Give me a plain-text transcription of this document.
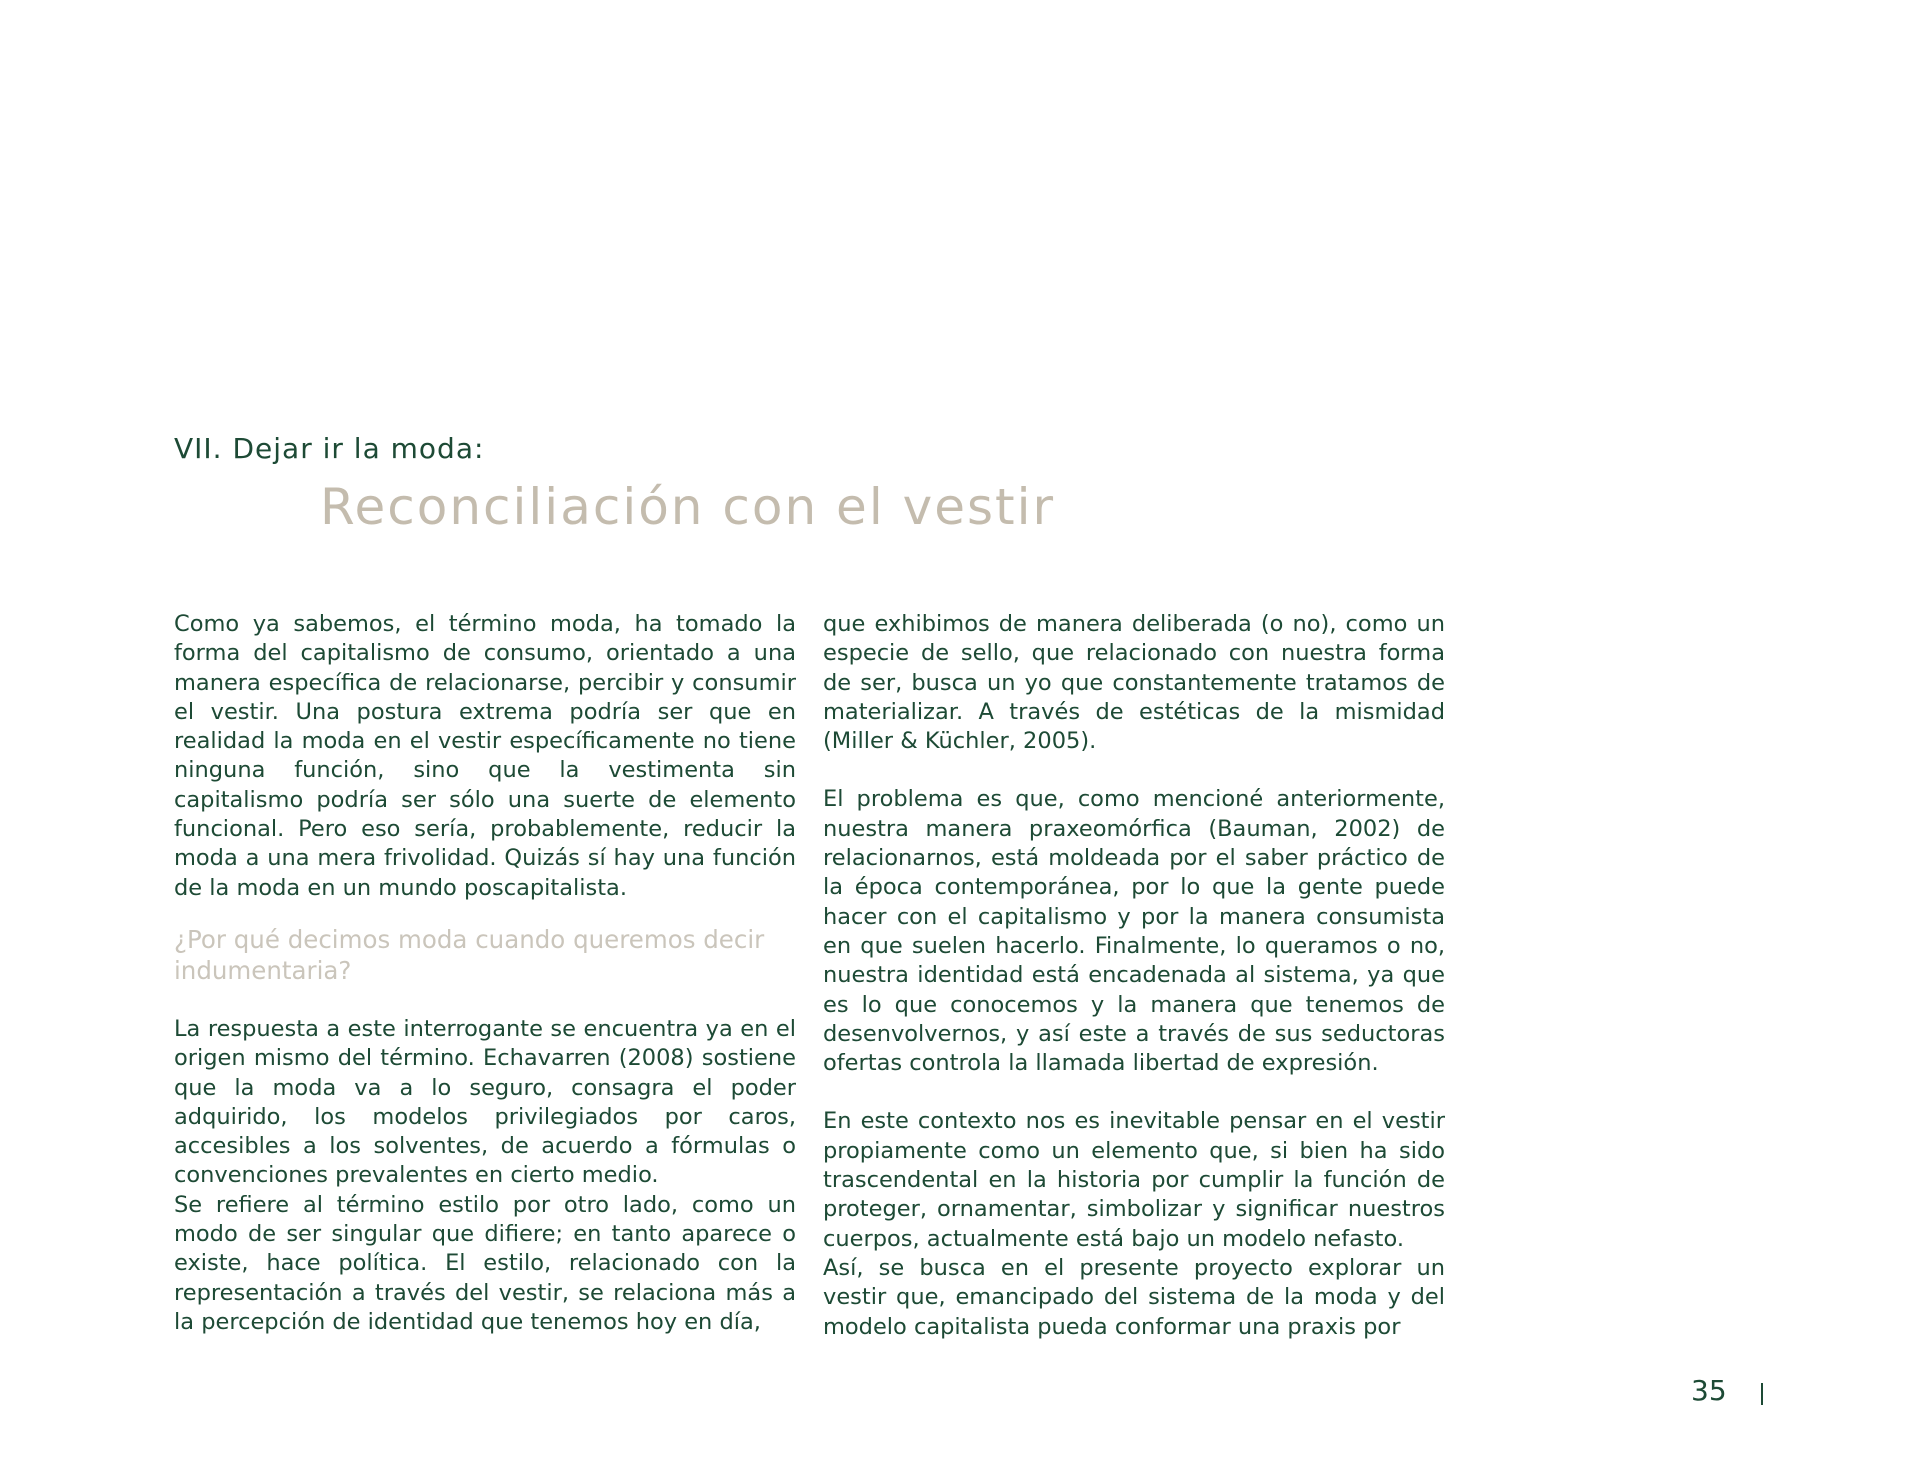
VII. Dejar ir la moda:
Reconciliación con el vestir

Como ya sabemos, el término moda, ha tomado la forma del capitalismo de consumo, orientado a una manera específica de relacionarse, percibir y consumir el vestir. Una postura extrema podría ser que en realidad la moda en el vestir específicamente no tiene ninguna función, sino que la vestimenta sin capitalismo podría ser sólo una suerte de elemento funcional. Pero eso sería, probablemente, reducir la moda a una mera frivolidad. Quizás sí hay una función de la moda en un mundo poscapitalista.

¿Por qué decimos moda cuando queremos decir indumentaria?

La respuesta a este interrogante se encuentra ya en el origen mismo del término. Echavarren (2008) sostiene que la moda va a lo seguro, consagra el poder adquirido, los modelos privilegiados por caros, accesibles a los solventes, de acuerdo a fórmulas o convenciones prevalentes en cierto medio.

Se refiere al término estilo por otro lado, como un modo de ser singular que difiere; en tanto aparece o existe, hace política. El estilo, relacionado con la representación a través del vestir, se relaciona más a la percepción de identidad que tenemos hoy en día,

que exhibimos de manera deliberada (o no), como un especie de sello, que relacionado con nuestra forma de ser, busca un yo que constantemente tratamos de materializar. A través de estéticas de la mismidad (Miller & Küchler, 2005).

El problema es que, como mencioné anteriormente, nuestra manera praxeomórfica (Bauman, 2002) de relacionarnos, está moldeada por el saber práctico de la época contemporánea, por lo que la gente puede hacer con el capitalismo y por la manera consumista en que suelen hacerlo. Finalmente, lo queramos o no, nuestra identidad está encadenada al sistema, ya que es lo que conocemos y la manera que tenemos de desenvolvernos, y así este a través de sus seductoras ofertas controla la llamada libertad de expresión.

En este contexto nos es inevitable pensar en el vestir propiamente como un elemento que, si bien ha sido trascendental en la historia por cumplir la función de proteger, ornamentar, simbolizar y significar nuestros cuerpos, actualmente está bajo un modelo nefasto.

Así, se busca en el presente proyecto explorar un vestir que, emancipado del sistema de la moda y del modelo capitalista pueda conformar una praxis por

35
